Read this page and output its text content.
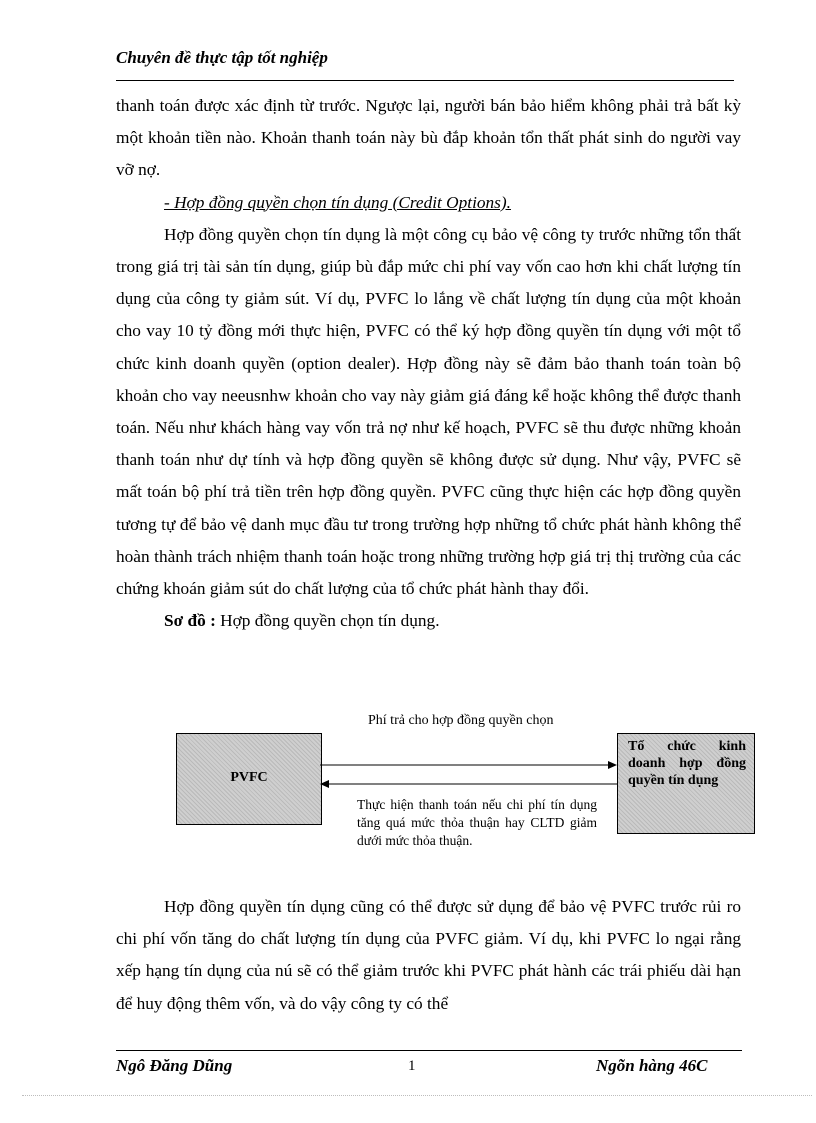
Chuyên đề thực tập tốt nghiệp

thanh toán được xác định từ trước. Ngược lại, người bán bảo hiểm không phải trả bất kỳ một khoản tiền nào. Khoản thanh toán này bù đắp khoản tổn thất phát sinh do người vay vỡ nợ.

- Hợp đồng quyền chọn tín dụng (Credit Options).

Hợp đồng quyền chọn tín dụng là một công cụ bảo vệ công ty trước những tổn thất trong giá trị tài sản tín dụng, giúp bù đắp mức chi phí vay vốn cao hơn khi chất lượng tín dụng của công ty giảm sút. Ví dụ, PVFC lo lắng về chất lượng tín dụng của một khoản cho vay 10 tỷ đồng mới thực hiện, PVFC có thể ký hợp đồng quyền tín dụng với một tổ chức kinh doanh quyền (option dealer). Hợp đồng này sẽ đảm bảo thanh toán toàn bộ khoản cho vay neeusnhw khoản cho vay này giảm giá đáng kể hoặc không thể được thanh toán. Nếu như khách hàng vay vốn trả nợ như kế hoạch, PVFC sẽ thu được những khoản thanh toán như dự tính và hợp đồng quyền sẽ không được sử dụng. Như vậy, PVFC sẽ mất toán bộ phí trả tiền trên hợp đồng quyền. PVFC cũng thực hiện các hợp đồng quyền tương tự để bảo vệ danh mục đầu tư trong trường hợp những tổ chức phát hành không thể hoàn thành trách nhiệm thanh toán hoặc trong những trường hợp giá trị thị trường của các chứng khoán giảm sút do chất lượng của tổ chức phát hành thay đổi.

Sơ đồ : Hợp đồng quyền chọn tín dụng.
Phí trả cho hợp đồng quyền chọn
PVFC
Tổ chức kinh doanh hợp đồng quyền tín dụng
Thực hiện thanh toán nếu chi phí tín dụng tăng quá mức thỏa thuận hay CLTD giảm dưới mức thỏa thuận.

Hợp đồng quyền tín dụng cũng có thể được sử dụng để bảo vệ PVFC trước rủi ro chi phí vốn tăng do chất lượng tín dụng của PVFC giảm. Ví dụ, khi PVFC lo ngại rằng xếp hạng tín dụng của nú sẽ có thể giảm trước khi PVFC phát hành các trái phiếu dài hạn để huy động thêm vốn, và do vậy công ty có thể

Ngô Đăng Dũng	1	Ngõn hàng 46C
